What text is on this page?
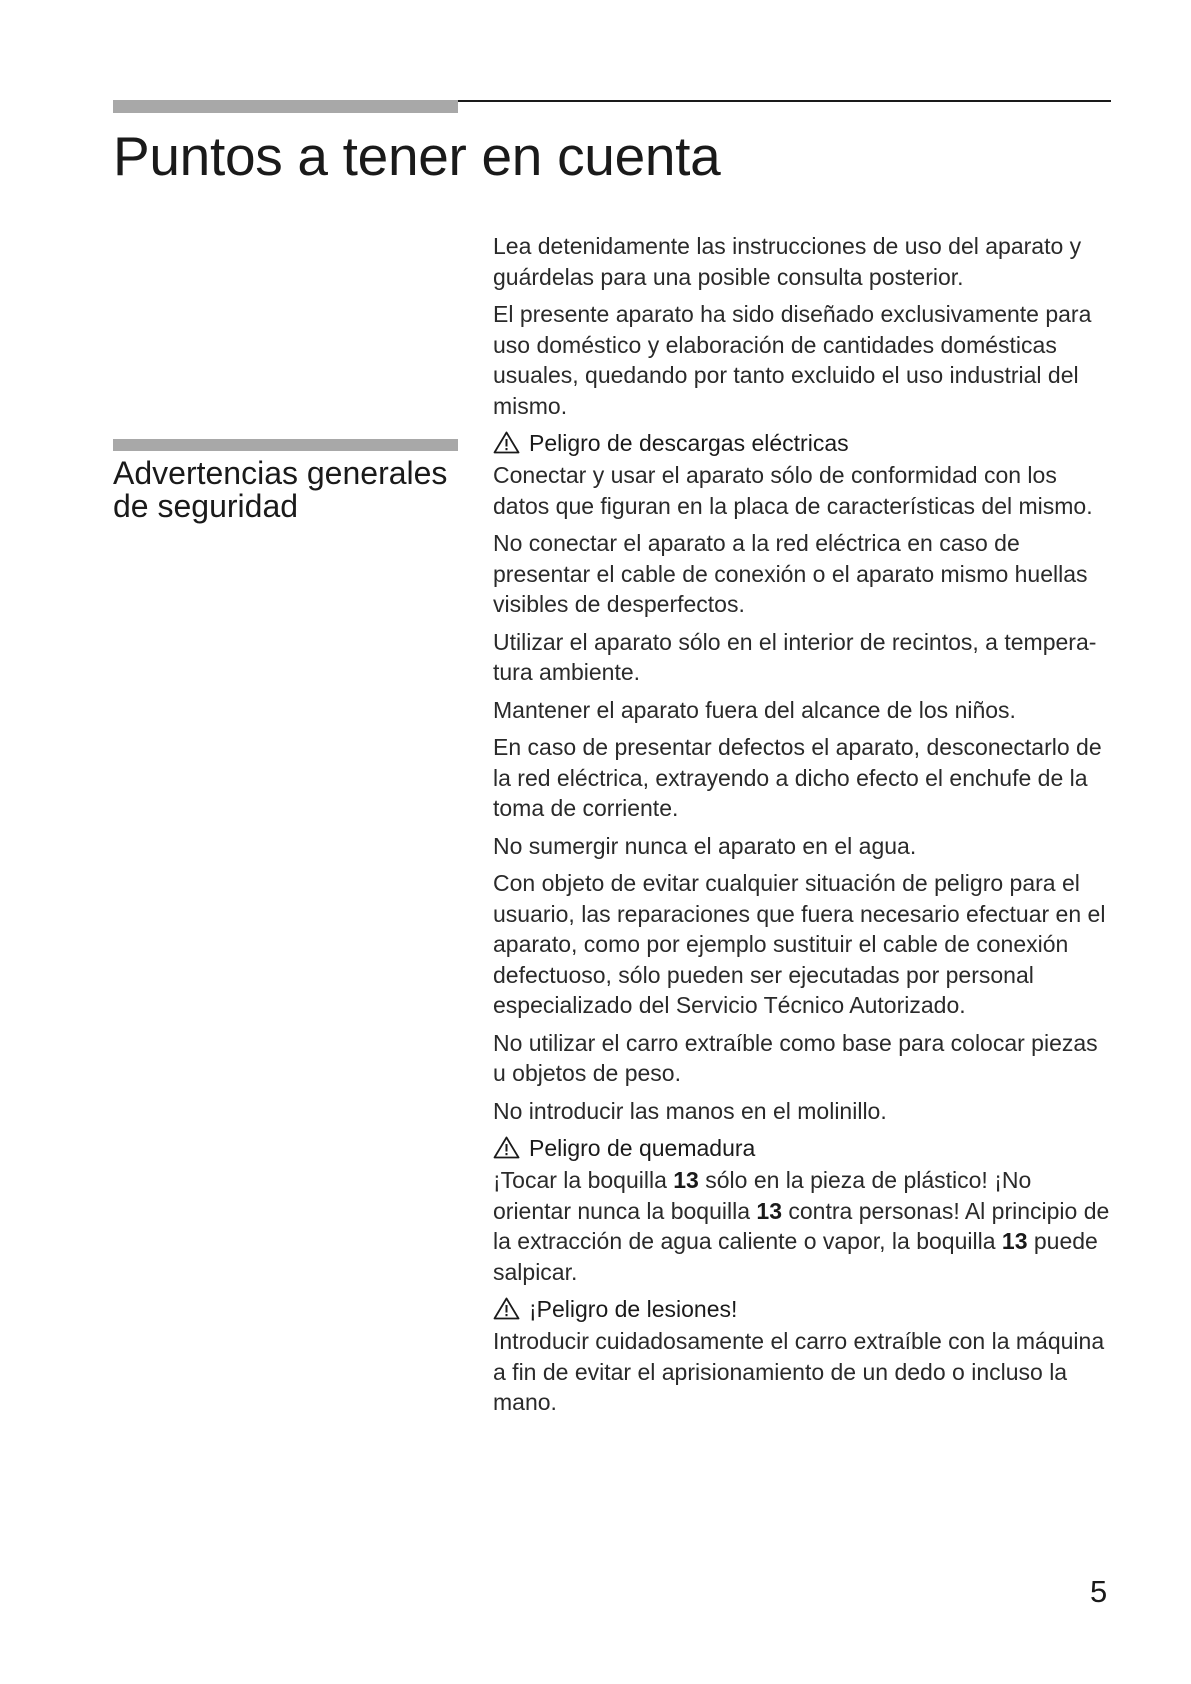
Puntos a tener en cuenta
Advertencias generales de seguridad

Lea detenidamente las instrucciones de uso del aparato y guárdelas para una posible consulta posterior.

El presente aparato ha sido diseñado exclusivamente para uso doméstico y elaboración de cantidades domésticas usuales, quedando por tanto excluido el uso industrial del mismo.

Peligro de descargas eléctricas

Conectar y usar el aparato sólo de conformidad con los datos que figuran en la placa de características del mismo.

No conectar el aparato a la red eléctrica en caso de presentar el cable de conexión o el aparato mismo huellas visibles de desperfectos.

Utilizar el aparato sólo en el interior de recintos, a tempera-tura ambiente.

Mantener el aparato fuera del alcance de los niños.

En caso de presentar defectos el aparato, desconectarlo de la red eléctrica, extrayendo a dicho efecto el enchufe de la toma de corriente.

No sumergir nunca el aparato en el agua.

Con objeto de evitar cualquier situación de peligro para el usuario, las reparaciones que fuera necesario efectuar en el aparato, como por ejemplo sustituir el cable de conexión defectuoso, sólo pueden ser ejecutadas por personal especializado del Servicio Técnico Autorizado.

No utilizar el carro extraíble como base para colocar piezas u objetos de peso.

No introducir las manos en el molinillo.

Peligro de quemadura

¡Tocar la boquilla 13 sólo en la pieza de plástico! ¡No orientar nunca la boquilla 13 contra personas! Al principio de la extracción de agua caliente o vapor, la boquilla 13 puede salpicar.

¡Peligro de lesiones!

Introducir cuidadosamente el carro extraíble con la máquina a fin de evitar el aprisionamiento de un dedo o incluso la mano.

5
